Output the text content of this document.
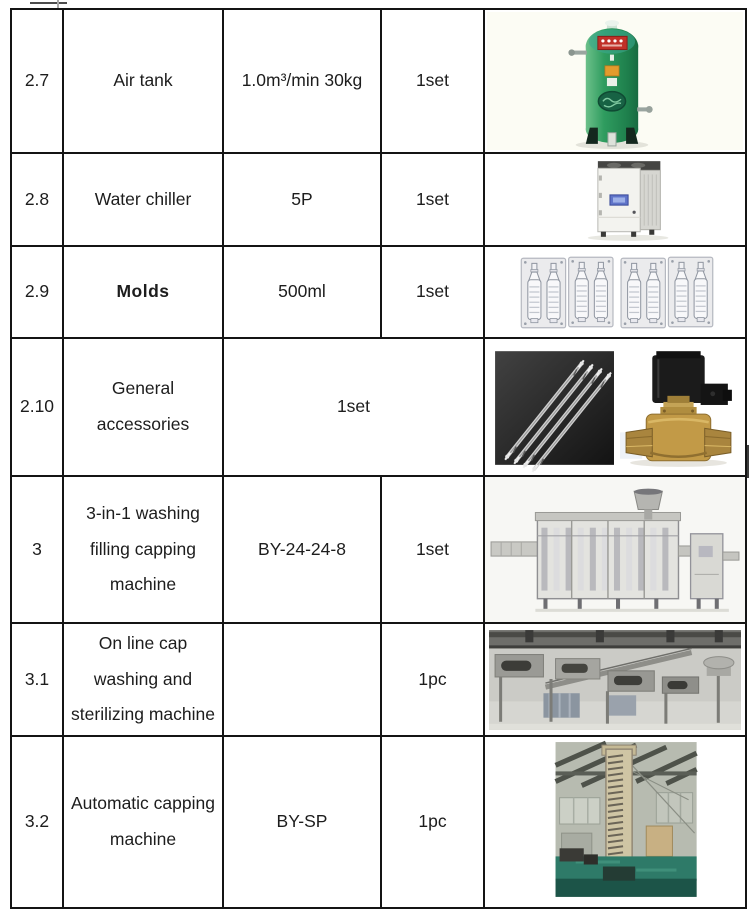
2.7	Air tank	1.0m³/min 30kg	1set	

2.8	Water chiller	5P	1set	

2.9	Molds	500ml	1set	

2.10	General accessories	1set	

3	3-in-1 washing filling capping machine	BY-24-24-8	1set	

3.1	On line cap washing and sterilizing machine		1pc	

3.2	Automatic capping machine	BY-SP	1pc	
